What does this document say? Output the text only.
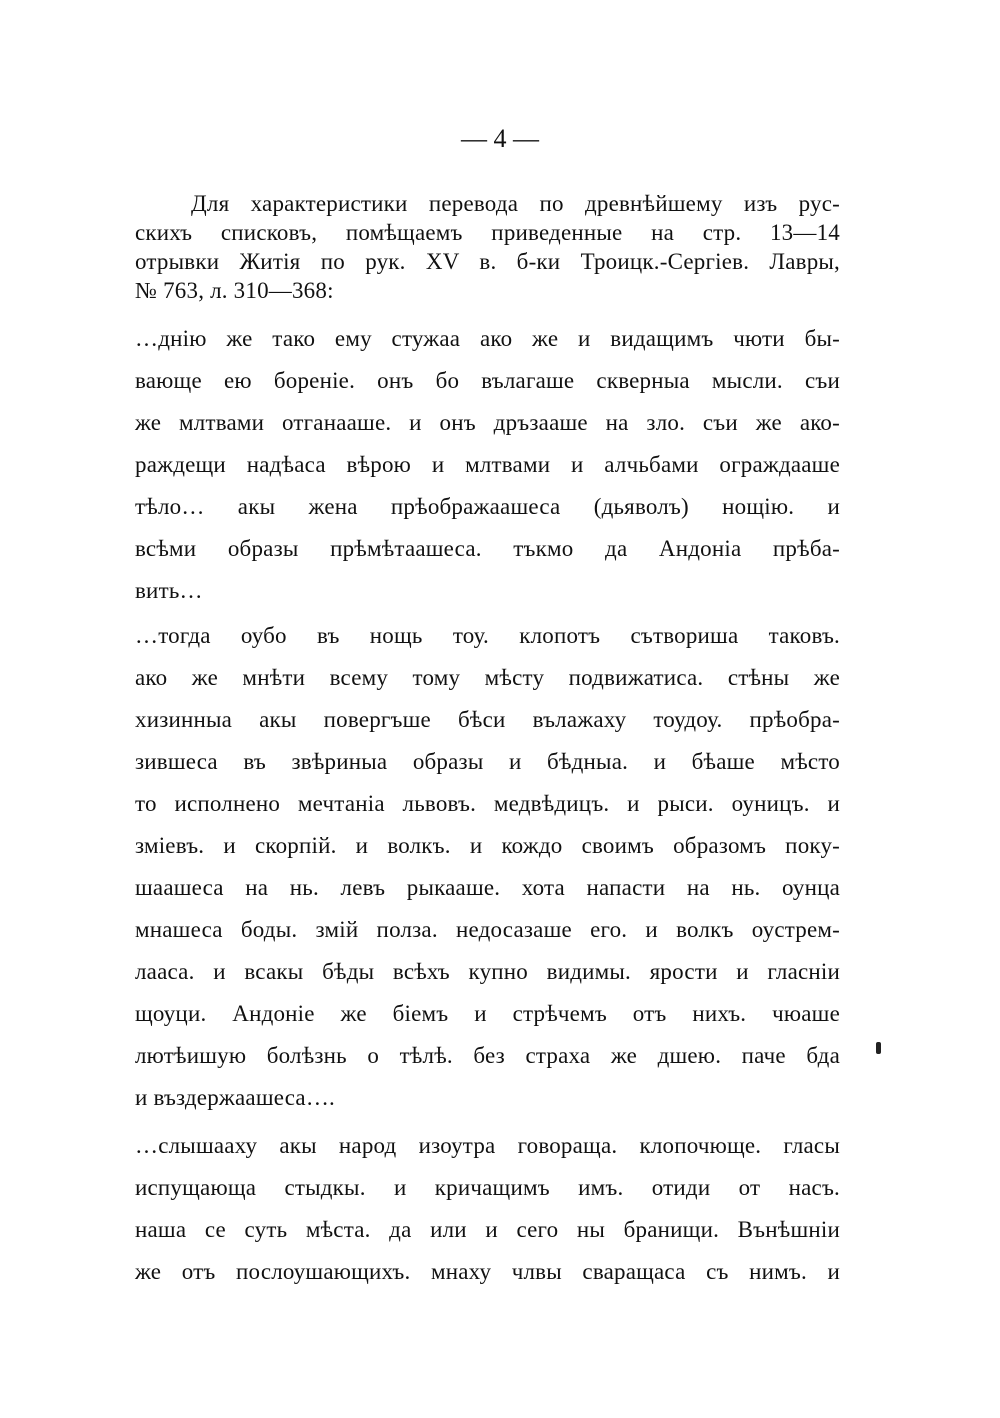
— 4 —
Для характеристики перевода по древнѣйшему изъ рус-
скихъ списковъ, помѣщаемъ приведенные на стр. 13—14
отрывки Житія по рук. XV в. б-ки Троицк.-Сергіев. Лавры,
№ 763, л. 310—368:
…днію же тако ему стужаа ако же и видащимъ чюти бы-
вающе ею бореніе. онъ бо вълагаше скверныа мысли. съи
же млтвами отганааше. и онъ дръзааше на зло. съи же ако-
раждещи надѣаса вѣрою и млтвами и алчьбами ограждааше
тѣло… акы жена прѣображаашеса (дьяволъ) нощію. и
всѣми образы прѣмѣтаашеса. тъкмо да Андоніа прѣба-
вить…
…тогда оубо въ нощь тоу. клопотъ сътвориша таковъ.
ако же мнѣти всему тому мѣсту подвижатиса. стѣны же
хизинныа акы повергъше бѣси вълажаху тоудоу. прѣобра-
зившеса въ звѣриныа образы и бѣдныа. и бѣаше мѣсто
то исполнено мечтаніа львовъ. медвѣдицъ. и рыси. оуницъ. и
зміевъ. и скорпій. и волкъ. и кождо своимъ образомъ поку-
шаашеса на нь. левъ рыкааше. хота напасти на нь. оунца
мнашеса боды. змій полза. недосазаше его. и волкъ оустрем-
лааса. и всакы бѣды всѣхъ купно видимы. ярости и гласніи
щоуци. Андоніе же біемъ и стрѣчемъ отъ нихъ. чюаше
лютѣишую болѣзнь о тѣлѣ. без страха же дшею. паче бда
и въздержаашеса….
…слышааху акы народ изоутра говораща. клопочюще. гласы
испущающа стыдкы. и кричащимъ имъ. отиди от насъ.
наша се суть мѣста. да или и сего ны бранищи. Вънѣшніи
же отъ послоушающихъ. мнаху члвы сваращаса съ нимъ. и
